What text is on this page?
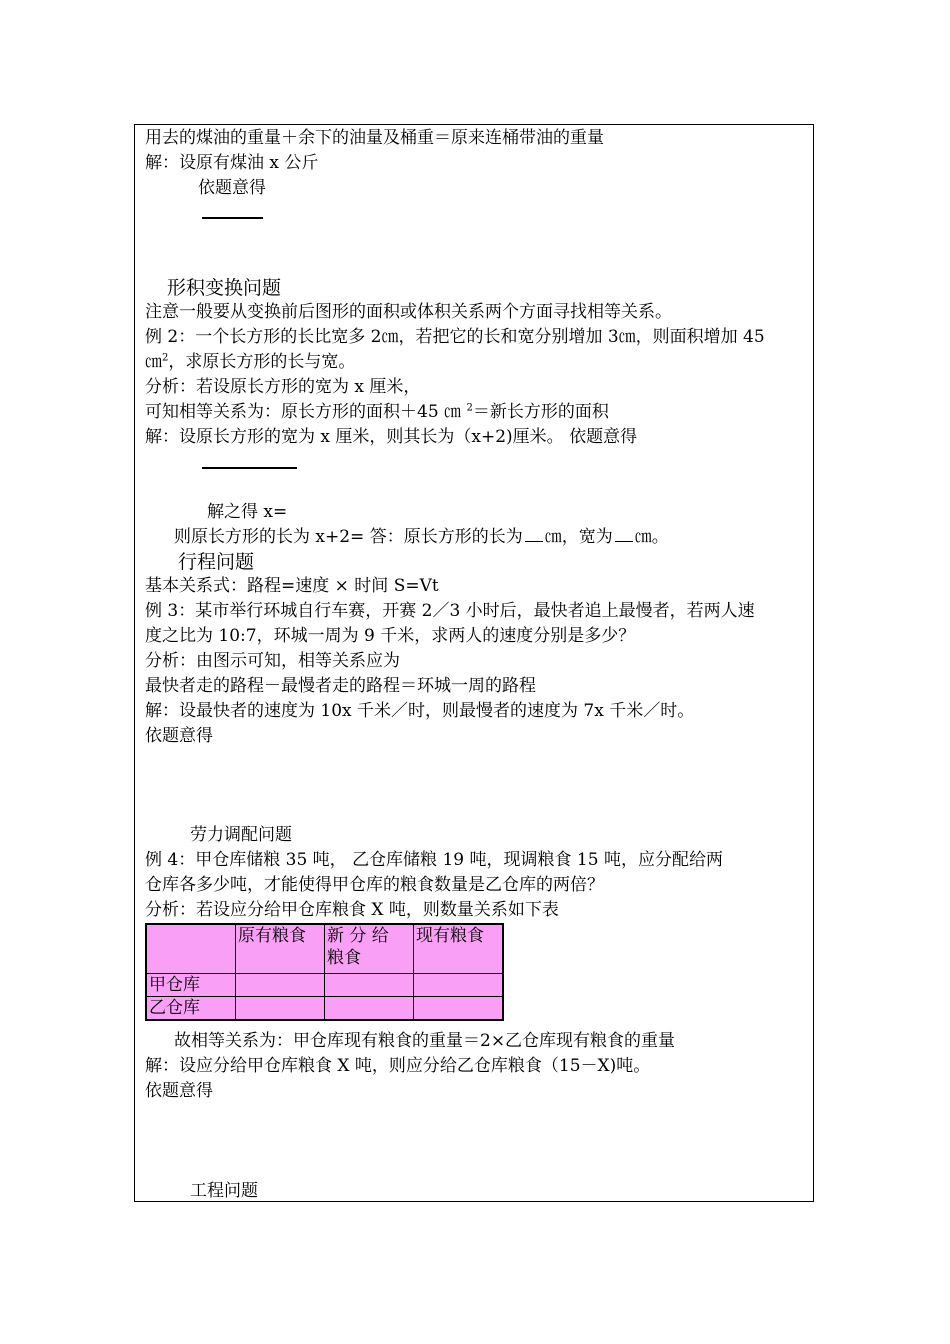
用去的煤油的重量＋余下的油量及桶重＝原来连桶带油的重量
解：设原有煤油 x 公斤
依题意得
形积变换问题
注意一般要从变换前后图形的面积或体积关系两个方面寻找相等关系。
例 2：一个长方形的长比宽多 2㎝，若把它的长和宽分别增加 3㎝，则面积增加 45
㎝$^2$，求原长方形的长与宽。
分析：若设原长方形的宽为 x 厘米，
可知相等关系为：原长方形的面积＋45 ㎝ $^2$＝新长方形的面积
解：设原长方形的宽为 x 厘米，则其长为（x+2)厘米。 依题意得
解之得 x=
则原长方形的长为 x+2= 答：原长方形的长为 ㎝，宽为 ㎝。
行程问题
基本关系式：路程=速度 × 时间 S=Vt
例 3：某市举行环城自行车赛，开赛 2／3 小时后，最快者追上最慢者，若两人速
度之比为 10:7，环城一周为 9 千米，求两人的速度分别是多少？
分析：由图示可知，相等关系应为
最快者走的路程－最慢者走的路程＝环城一周的路程
解：设最快者的速度为 10x 千米／时，则最慢者的速度为 7x 千米／时。
依题意得
劳力调配问题
例 4：甲仓库储粮 35 吨， 乙仓库储粮 19 吨，现调粮食 15 吨，应分配给两
仓库各多少吨，才能使得甲仓库的粮食数量是乙仓库的两倍？
分析：若设应分给甲仓库粮食 X 吨，则数量关系如下表
	原有粮食	新 分 给 粮食	现有粮食
甲仓库			
乙仓库			
故相等关系为：甲仓库现有粮食的重量＝2×乙仓库现有粮食的重量
解：设应分给甲仓库粮食 X 吨，则应分给乙仓库粮食（15－X)吨。
依题意得
工程问题
